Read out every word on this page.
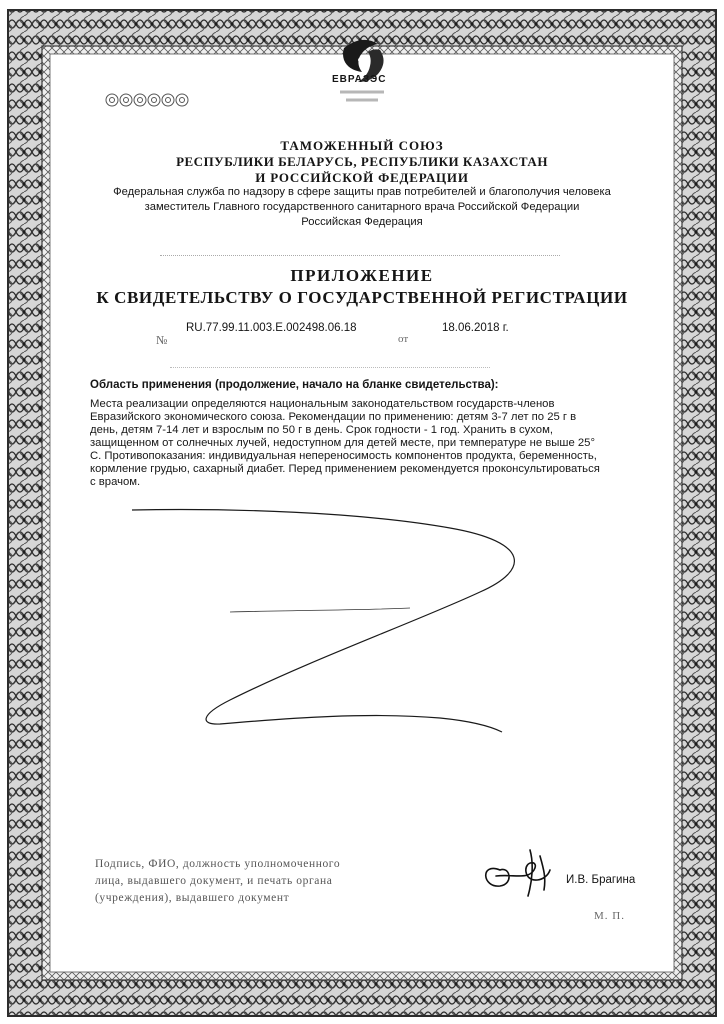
ЕВРАЗЭС
ТАМОЖЕННЫЙ СОЮЗ
РЕСПУБЛИКИ БЕЛАРУСЬ, РЕСПУБЛИКИ КАЗАХСТАН
И РОССИЙСКОЙ ФЕДЕРАЦИИ
Федеральная служба по надзору в сфере защиты прав потребителей и благополучия человека
заместитель Главного государственного санитарного врача Российской Федерации
Российская Федерация
ПРИЛОЖЕНИЕ
К СВИДЕТЕЛЬСТВУ О ГОСУДАРСТВЕННОЙ РЕГИСТРАЦИИ
№
RU.77.99.11.003.Е.002498.06.18
от
18.06.2018 г.
Область применения (продолжение, начало на бланке свидетельства):
Места реализации определяются национальным законодательством государств-членов
Евразийского экономического союза. Рекомендации по применению: детям 3-7 лет по 25 г в
день, детям 7-14 лет и взрослым по 50 г в день. Срок годности - 1 год. Хранить в сухом,
защищенном от солнечных лучей, недоступном для детей месте, при температуре не выше 25°
С. Противопоказания: индивидуальная непереносимость компонентов продукта, беременность,
кормление грудью, сахарный диабет. Перед применением рекомендуется проконсультироваться
с врачом.
Подпись, ФИО, должность уполномоченного
лица, выдавшего документ, и печать органа
(учреждения), выдавшего документ
И.В. Брагина
М. П.
